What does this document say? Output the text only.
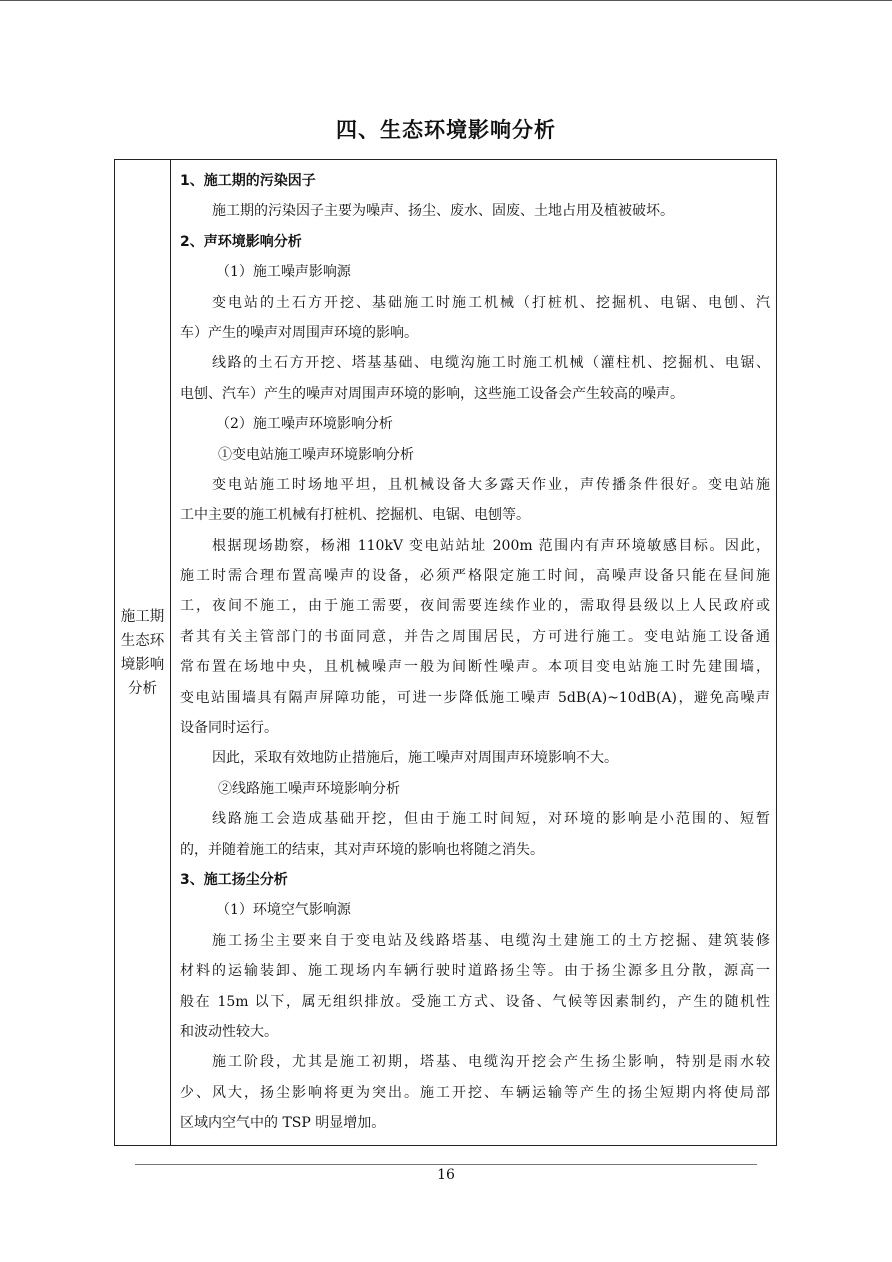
四、生态环境影响分析
施工期
生态环
境影响
分析
1、施工期的污染因子
施工期的污染因子主要为噪声、扬尘、废水、固废、土地占用及植被破坏。
2、声环境影响分析
（1）施工噪声影响源
变电站的土石方开挖、基础施工时施工机械（打桩机、挖掘机、电锯、电刨、汽
车）产生的噪声对周围声环境的影响。
线路的土石方开挖、塔基基础、电缆沟施工时施工机械（灌柱机、挖掘机、电锯、
电刨、汽车）产生的噪声对周围声环境的影响，这些施工设备会产生较高的噪声。
（2）施工噪声环境影响分析
①变电站施工噪声环境影响分析
变电站施工时场地平坦，且机械设备大多露天作业，声传播条件很好。变电站施
工中主要的施工机械有打桩机、挖掘机、电锯、电刨等。
根据现场勘察，杨湘 110kV 变电站站址 200m 范围内有声环境敏感目标。因此，
施工时需合理布置高噪声的设备，必须严格限定施工时间，高噪声设备只能在昼间施
工，夜间不施工，由于施工需要，夜间需要连续作业的，需取得县级以上人民政府或
者其有关主管部门的书面同意，并告之周围居民，方可进行施工。变电站施工设备通
常布置在场地中央，且机械噪声一般为间断性噪声。本项目变电站施工时先建围墙，
变电站围墙具有隔声屏障功能，可进一步降低施工噪声 5dB(A)~10dB(A)，避免高噪声
设备同时运行。
因此，采取有效地防止措施后，施工噪声对周围声环境影响不大。
②线路施工噪声环境影响分析
线路施工会造成基础开挖，但由于施工时间短，对环境的影响是小范围的、短暂
的，并随着施工的结束，其对声环境的影响也将随之消失。
3、施工扬尘分析
（1）环境空气影响源
施工扬尘主要来自于变电站及线路塔基、电缆沟土建施工的土方挖掘、建筑装修
材料的运输装卸、施工现场内车辆行驶时道路扬尘等。由于扬尘源多且分散，源高一
般在 15m 以下，属无组织排放。受施工方式、设备、气候等因素制约，产生的随机性
和波动性较大。
施工阶段，尤其是施工初期，塔基、电缆沟开挖会产生扬尘影响，特别是雨水较
少、风大，扬尘影响将更为突出。施工开挖、车辆运输等产生的扬尘短期内将使局部
区域内空气中的 TSP 明显增加。
16
